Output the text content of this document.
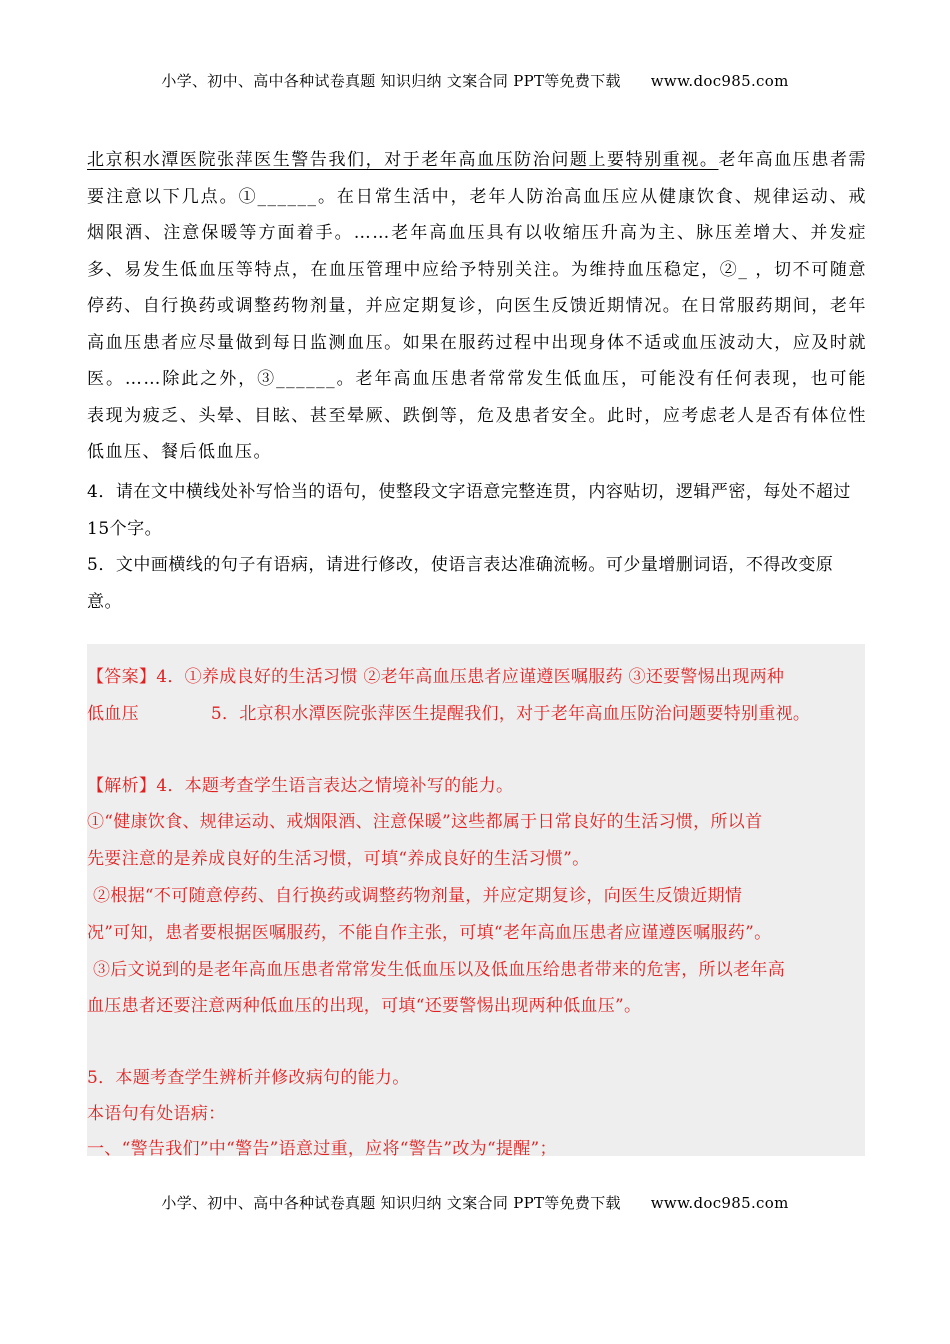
小学、初中、高中各种试卷真题 知识归纳 文案合同 PPT等免费下载 www.doc985.com

北京积水潭医院张萍医生警告我们，对于老年高血压防治问题上要特别重视。老年高血压患者需要注意以下几点。①______。在日常生活中，老年人防治高血压应从健康饮食、规律运动、戒烟限酒、注意保暖等方面着手。……老年高血压具有以收缩压升高为主、脉压差增大、并发症多、易发生低血压等特点，在血压管理中应给予特别关注。为维持血压稳定，②_ ，切不可随意停药、自行换药或调整药物剂量，并应定期复诊，向医生反馈近期情况。在日常服药期间，老年高血压患者应尽量做到每日监测血压。如果在服药过程中出现身体不适或血压波动大，应及时就医。……除此之外，③______。老年高血压患者常常发生低血压，可能没有任何表现，也可能表现为疲乏、头晕、目眩、甚至晕厥、跌倒等，危及患者安全。此时，应考虑老人是否有体位性低血压、餐后低血压。

4．请在文中横线处补写恰当的语句，使整段文字语意完整连贯，内容贴切，逻辑严密，每处不超过15个字。

5．文中画横线的句子有语病，请进行修改，使语言表达准确流畅。可少量增删词语，不得改变原意。

【答案】4．①养成良好的生活习惯 ②老年高血压患者应谨遵医嘱服药 ③还要警惕出现两种
低血压	5．北京积水潭医院张萍医生提醒我们，对于老年高血压防治问题要特别重视。
【解析】4．本题考查学生语言表达之情境补写的能力。
①“健康饮食、规律运动、戒烟限酒、注意保暖”这些都属于日常良好的生活习惯，所以首
先要注意的是养成良好的生活习惯，可填“养成良好的生活习惯”。
②根据“不可随意停药、自行换药或调整药物剂量，并应定期复诊，向医生反馈近期情
况”可知，患者要根据医嘱服药，不能自作主张，可填“老年高血压患者应谨遵医嘱服药”。
③后文说到的是老年高血压患者常常发生低血压以及低血压给患者带来的危害，所以老年高
血压患者还要注意两种低血压的出现，可填“还要警惕出现两种低血压”。
5．本题考查学生辨析并修改病句的能力。
本语句有处语病：
一、“警告我们”中“警告”语意过重，应将“警告”改为“提醒”；
小学、初中、高中各种试卷真题 知识归纳 文案合同 PPT等免费下载 www.doc985.com
